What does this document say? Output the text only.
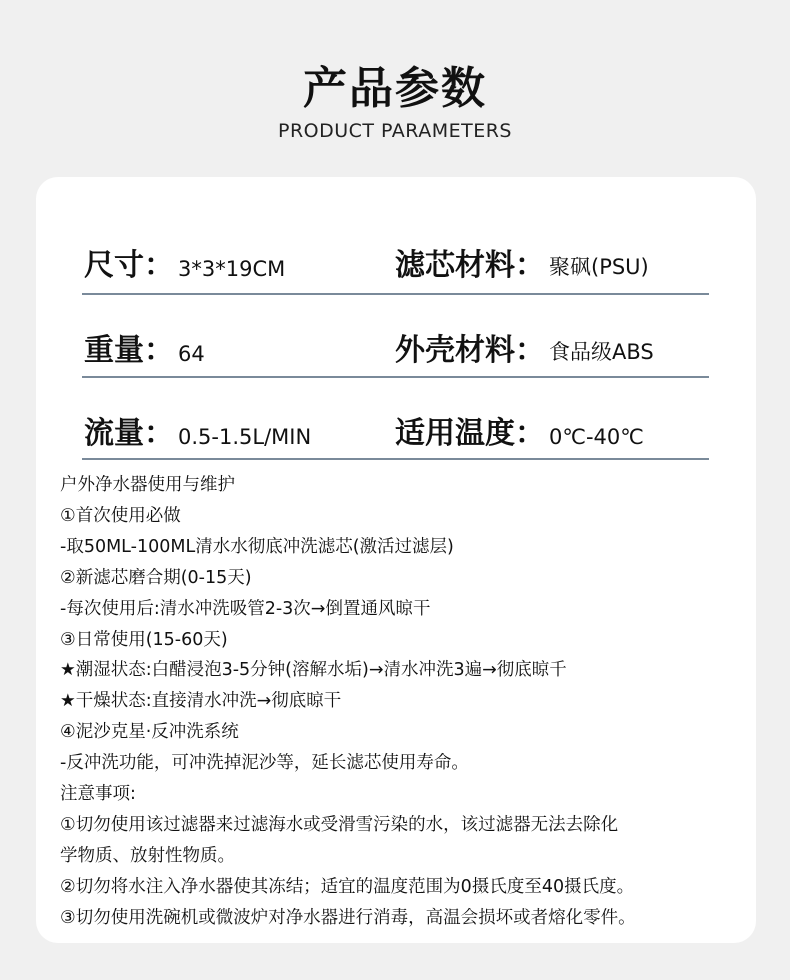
产品参数
PRODUCT PARAMETERS
尺寸： 3*3*19CM	滤芯材料： 聚砜(PSU)
重量： 64	外壳材料： 食品级ABS
流量： 0.5-1.5L/MIN	适用温度： 0℃-40℃
户外净水器使用与维护
①首次使用必做
-取50ML-100ML清水水彻底冲洗滤芯(激活过滤层)
②新滤芯磨合期(0-15天)
-每次使用后:清水冲洗吸管2-3次→倒置通风晾干
③日常使用(15-60天)
★潮湿状态:白醋浸泡3-5分钟(溶解水垢)→清水冲洗3遍→彻底晾千
★干燥状态:直接清水冲洗→彻底晾干
④泥沙克星·反冲洗系统
-反冲洗功能，可冲洗掉泥沙等，延长滤芯使用寿命。
注意事项:
①切勿使用该过滤器来过滤海水或受滑雪污染的水，该过滤器无法去除化
学物质、放射性物质。
②切勿将水注入净水器使其冻结；适宜的温度范围为0摄氏度至40摄氏度。
③切勿使用洗碗机或微波炉对净水器进行消毒，高温会损坏或者熔化零件。
